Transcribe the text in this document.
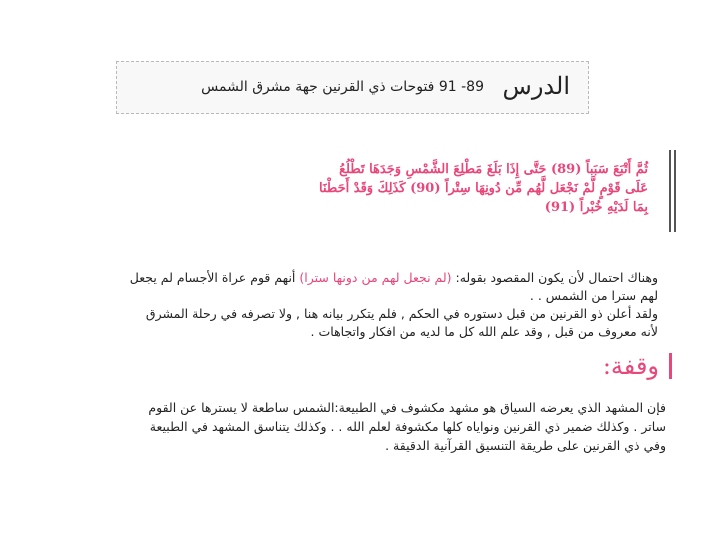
الدرس
89- 91 فتوحات ذي القرنين جهة مشرق الشمس
ثُمَّ أَتْبَعَ سَبَباً (89) حَتَّى إِذَا بَلَغَ مَطْلِعَ الشَّمْسِ وَجَدَهَا تَطْلُعُ
عَلَى قَوْمٍ لَّمْ نَجْعَل لَّهُم مِّن دُونِهَا سِتْراً (90) كَذَلِكَ وَقَدْ أَحَطْنَا
بِمَا لَدَيْهِ خُبْراً (91)

وهناك احتمال لأن يكون المقصود بقوله: (لم نجعل لهم من دونها سترا) أنهم قوم عراة الأجسام لم يجعل

لهم سترا من الشمس . .

ولقد أعلن ذو القرنين من قبل دستوره في الحكم , فلم يتكرر بيانه هنا , ولا تصرفه في رحلة المشرق

لأنه معروف من قبل , وقد علم الله كل ما لديه من افكار واتجاهات .

وقفة:

فإن المشهد الذي يعرضه السياق هو مشهد مكشوف في الطبيعة:الشمس ساطعة لا يسترها عن القوم

ساتر . وكذلك ضمير ذي القرنين ونواياه كلها مكشوفة لعلم الله . . وكذلك يتناسق المشهد في الطبيعة

وفي ذي القرنين على طريقة التنسيق القرآنية الدقيقة .
